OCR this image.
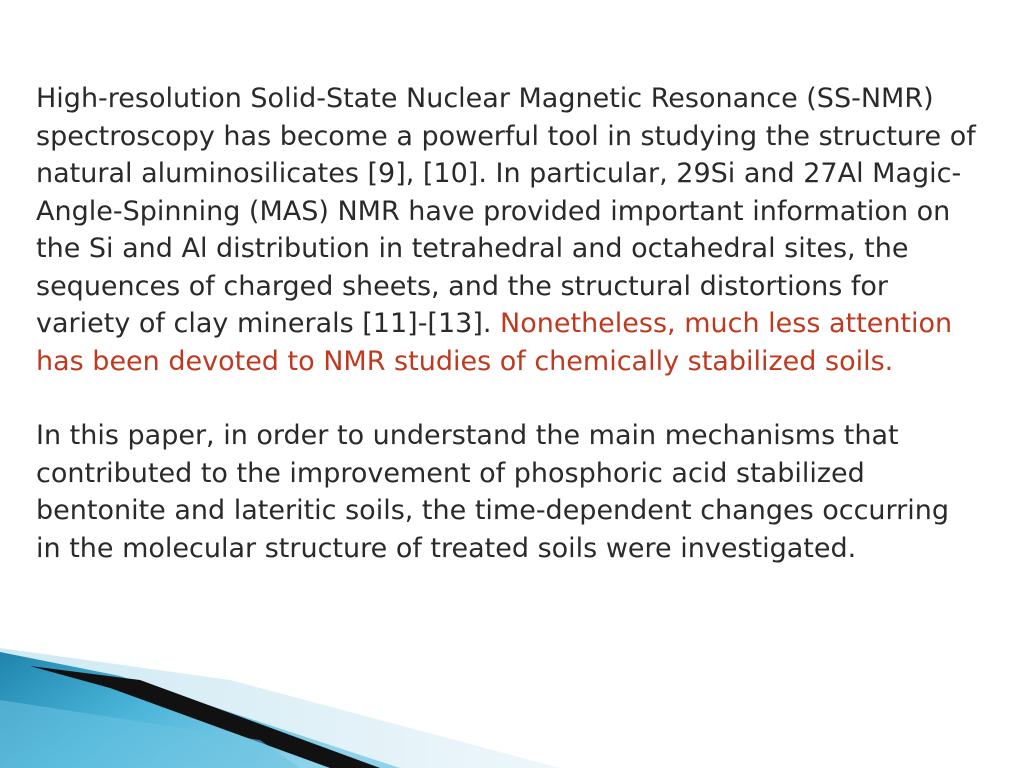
High-resolution Solid-State Nuclear Magnetic Resonance (SS-NMR) spectroscopy has become a powerful tool in studying the structure of natural aluminosilicates [9], [10]. In particular, 29Si and 27Al Magic-Angle-Spinning (MAS) NMR have provided important information on the Si and Al distribution in tetrahedral and octahedral sites, the sequences of charged sheets, and the structural distortions for variety of clay minerals [11]-[13]. Nonetheless, much less attention has been devoted to NMR studies of chemically stabilized soils.

In this paper, in order to understand the main mechanisms that contributed to the improvement of phosphoric acid stabilized bentonite and lateritic soils, the time-dependent changes occurring in the molecular structure of treated soils were investigated.
